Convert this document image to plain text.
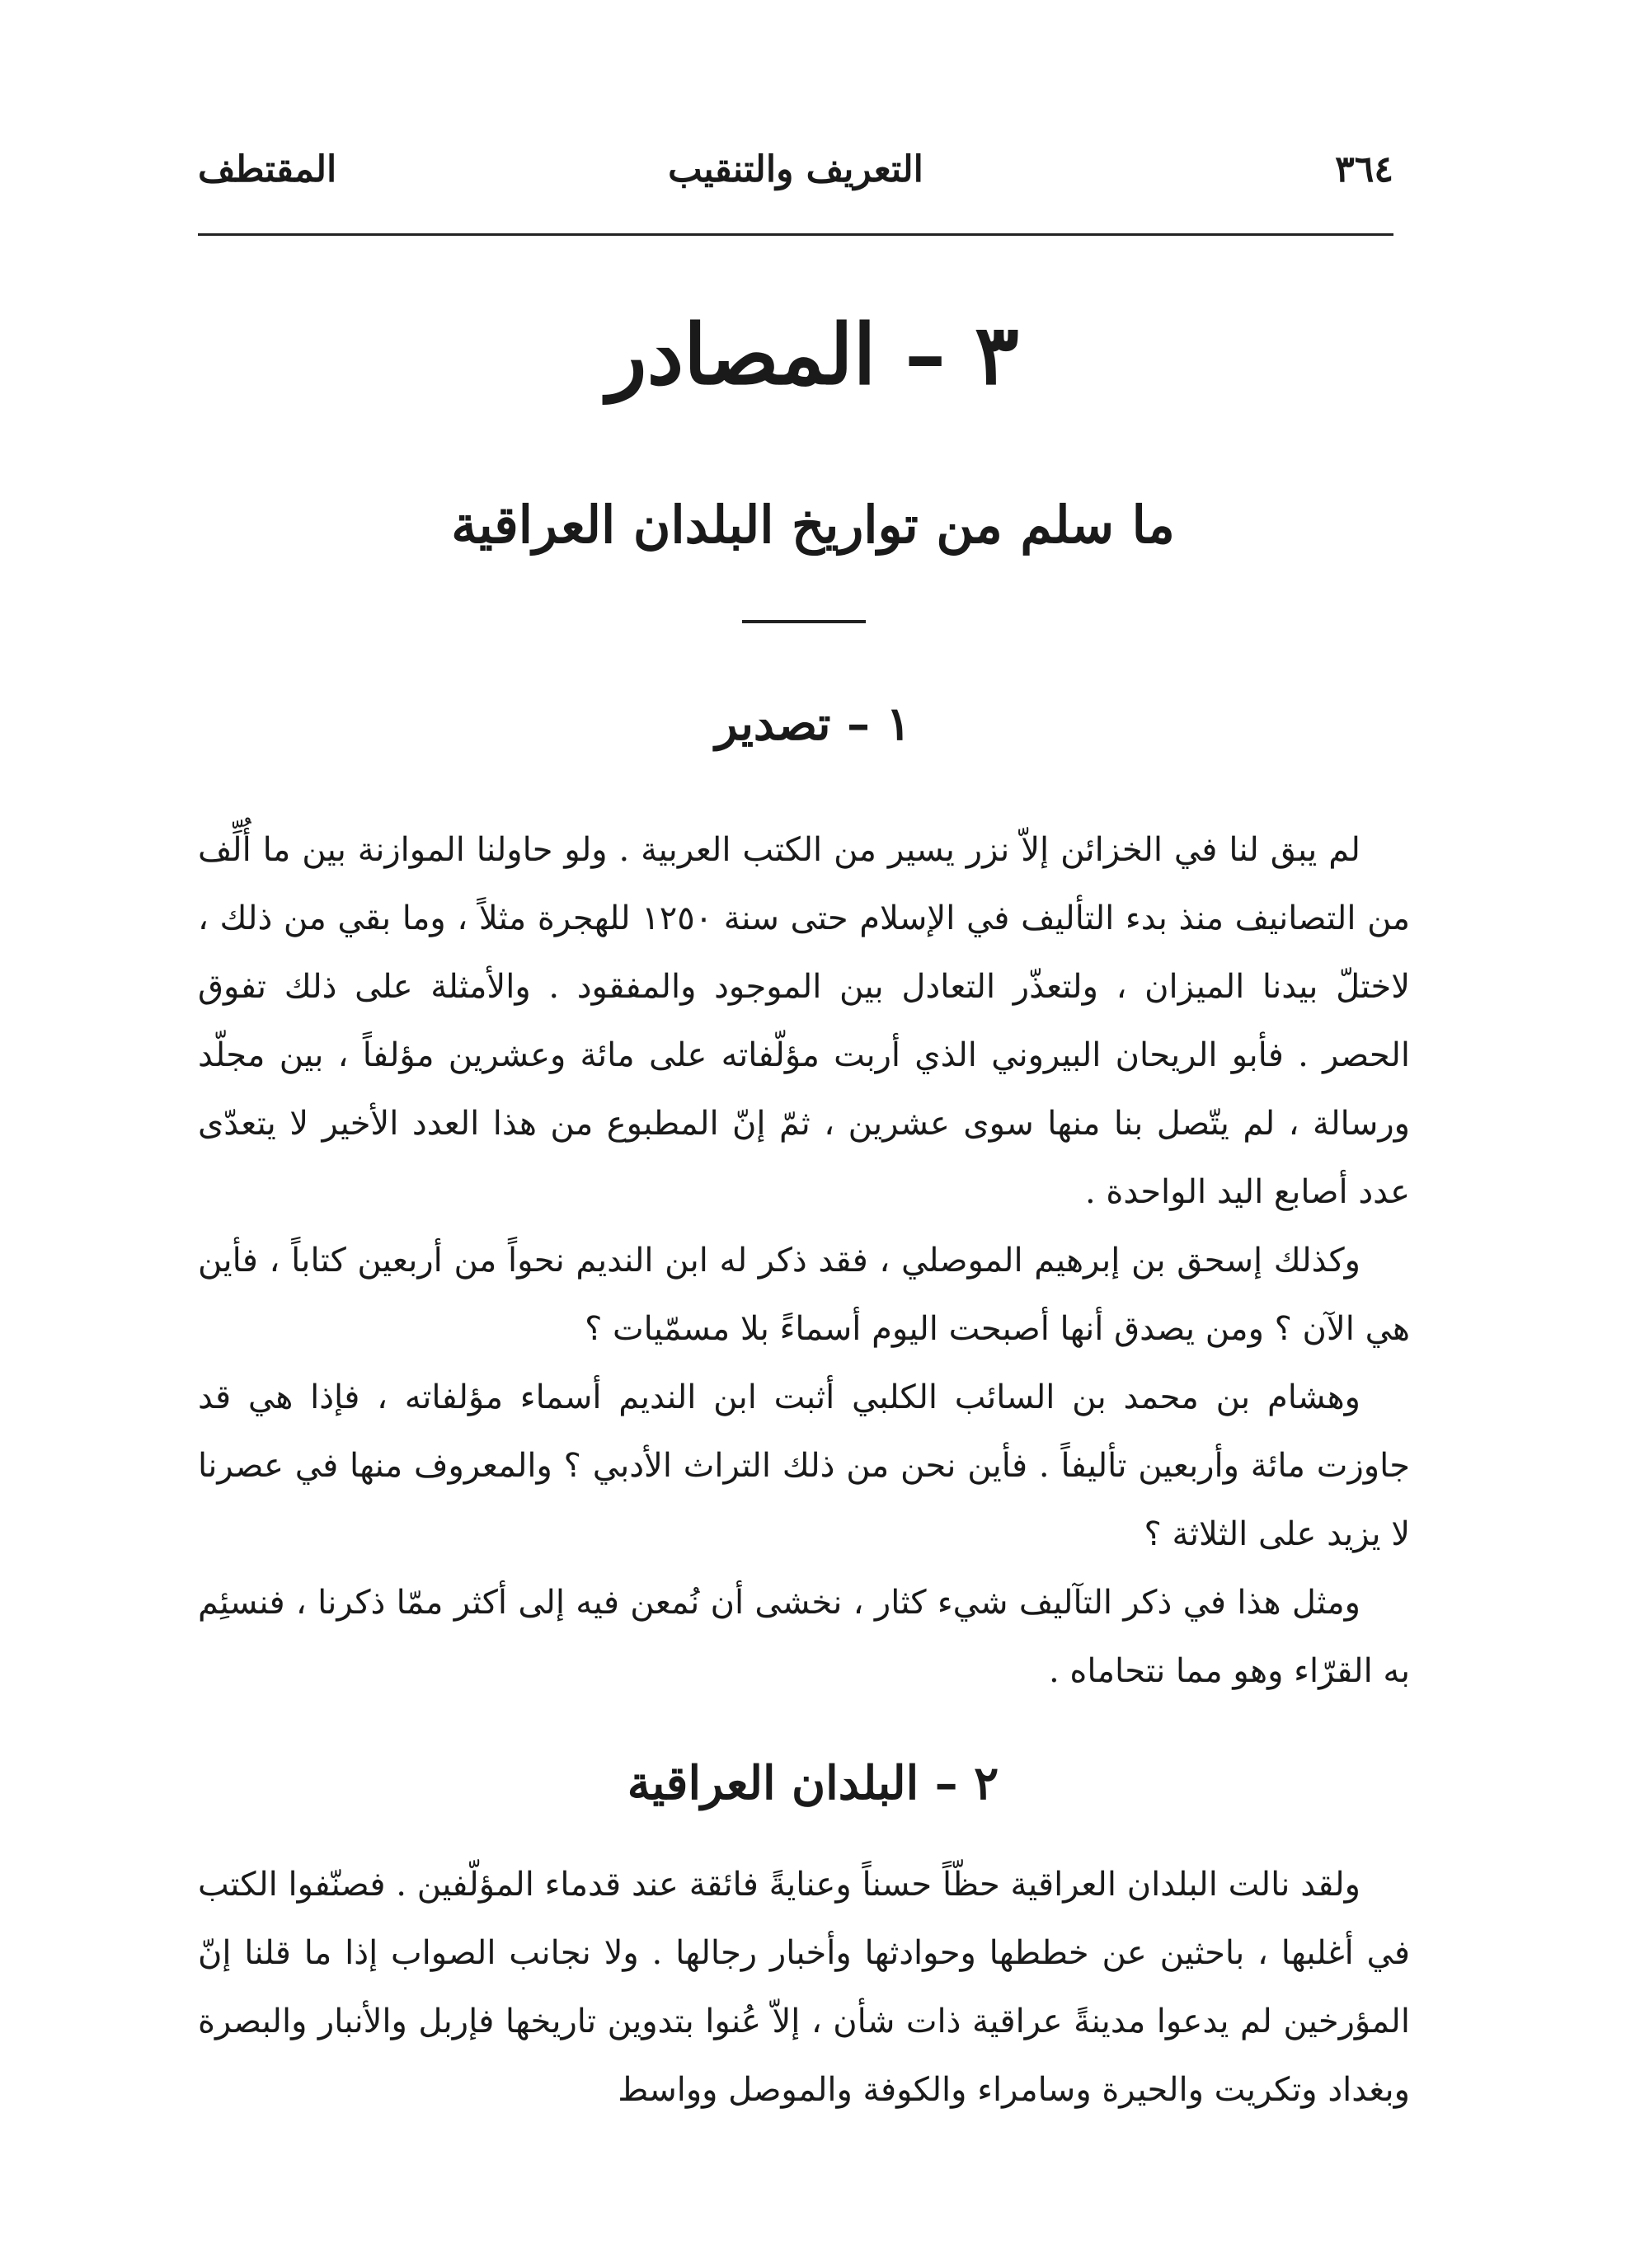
٣٦٤
التعريف والتنقيب
المقتطف
٣ – المصادر
ما سلم من تواريخ البلدان العراقية
١ – تصدير

لم يبق لنا في الخزائن إلاّ نزر يسير من الكتب العربية . ولو حاولنا الموازنة بين ما أُلِّف من التصانيف منذ بدء التأليف في الإسلام حتى سنة ١٢٥٠ للهجرة مثلاً ، وما بقي من ذلك ، لاختلّ بيدنا الميزان ، ولتعذّر التعادل بين الموجود والمفقود . والأمثلة على ذلك تفوق الحصر . فأبو الريحان البيروني الذي أربت مؤلّفاته على مائة وعشرين مؤلفاً ، بين مجلّد ورسالة ، لم يتّصل بنا منها سوى عشرين ، ثمّ إنّ المطبوع من هذا العدد الأخير لا يتعدّى عدد أصابع اليد الواحدة .

وكذلك إسحق بن إبرهيم الموصلي ، فقد ذكر له ابن النديم نحواً من أربعين كتاباً ، فأين هي الآن ؟ ومن يصدق أنها أصبحت اليوم أسماءً بلا مسمّيات ؟

وهشام بن محمد بن السائب الكلبي أثبت ابن النديم أسماء مؤلفاته ، فإذا هي قد جاوزت مائة وأربعين تأليفاً . فأين نحن من ذلك التراث الأدبي ؟ والمعروف منها في عصرنا لا يزيد على الثلاثة ؟

ومثل هذا في ذكر التآليف شيء كثار ، نخشى أن نُمعن فيه إلى أكثر ممّا ذكرنا ، فنسئِم به القرّاء وهو مما نتحاماه .

٢ – البلدان العراقية

ولقد نالت البلدان العراقية حظّاً حسناً وعنايةً فائقة عند قدماء المؤلّفين . فصنّفوا الكتب في أغلبها ، باحثين عن خططها وحوادثها وأخبار رجالها . ولا نجانب الصواب إذا ما قلنا إنّ المؤرخين لم يدعوا مدينةً عراقية ذات شأن ، إلاّ عُنوا بتدوين تاريخها فإربل والأنبار والبصرة وبغداد وتكريت والحيرة وسامراء والكوفة والموصل وواسط
